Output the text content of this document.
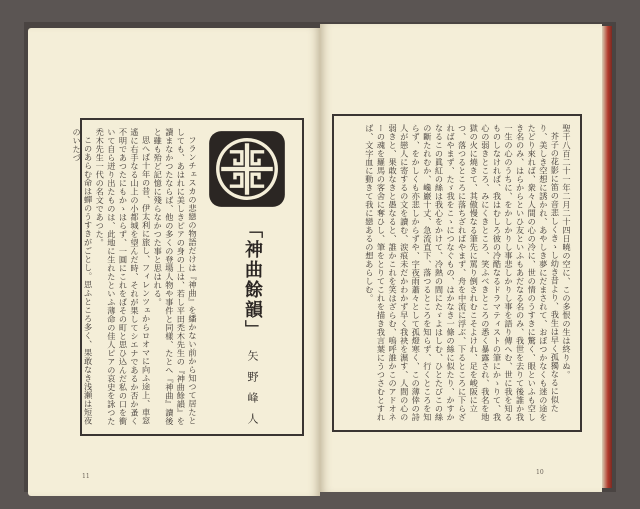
「神曲餘韻」
矢野峰人

フランチェスカの悲戀の物語だけは『神曲』を繙かない前から知つて居たとしても、あはれに美しきピアの身の上は、若し平田禿木先生の『神曲餘韻』を讀まなかつたならば、他の多くの登場人物や事件と同樣、たとへ『神曲』讀後と雖も殆ど記憶に殘らなかつた事と思はれる。

思へば十年の昔、伊太利に旅し、フィレンツェからロオマに向ふ途上、車窓遙に右手なる山上の小都城を望んだ時、それが果してシエナであるか否か蚤く不明であつたにもかゝはらず、一圓にこれをばその町と思ひ込んだ私の口を衝いて自ら迸り出たものは、此地に生れたといふ薄命の佳人ピアの哀史を詠つた禿木先生一代の名文であつた。

このあらむ命は蟬のうすきがごとし。思ふところ多く、果敢なき浅瀬は短夜のいたづ

11

聖千八百二十一年二月二十四日曉の空に、この多恨の生は終りぬ。

芥子の花影に笛の音悲しくきゝし幼き昔より、我生は早く孤獨なるに似たり、美しき空想に誘かれ、あやしき夢にだまされて、おぼつかなくも迷の途をたどり來れば、衆々人間の心の冷に、世の情のうすきに驚く、眼といふも空しき名のみ、はらからといひ友といふもあだなる名のみ、我世を去りて後誰か我一生の心のうちに、をかしかりし事悲しかりし事を語り傳へむ、世に我を知るものしなければ、我はむしろ彼の冷酷なるドラマティストの筆にかゝりて、我心の弱きところ、みにくきところ、笑ふべきところの悉く暴露され、我名を地獄の火に燒きて、其傲慢なる筆先に罵り倒されむこそよけれ、足を峻阪に立つ、落つるところに落ちざればやまず、舟を中流に浮ぶ、下るところに下らざればやまず、たゞ我をこゝにつなぐもの、はかなき一條の絲に似たり、かすかなるこの眞紅の絲は我心をかけて、冷熱の間にたゞよはしむ、ひとたびこの絲の斷たれむか、巉巖十丈、急流直下、落つるところを知らず、行くところを知らず、をかしくも亦悲しからずや、字夜雨蕭々として孤燈寒く、この薄倖の詩人が戀人に寄するの文を讀む、涙痕未だかわかず早く我袂を濕す、人間の心の弱きと、果敢なきと愚なると、誰かこれを笑はざらむ、嗚呼誰かこのアドオネーの魂を羅馬の客舍に奪ひし、筆をとりてこれを描き我言葉にうつさむとすれば、文字血に動きて我に戀あるの想あらしむ。

10
